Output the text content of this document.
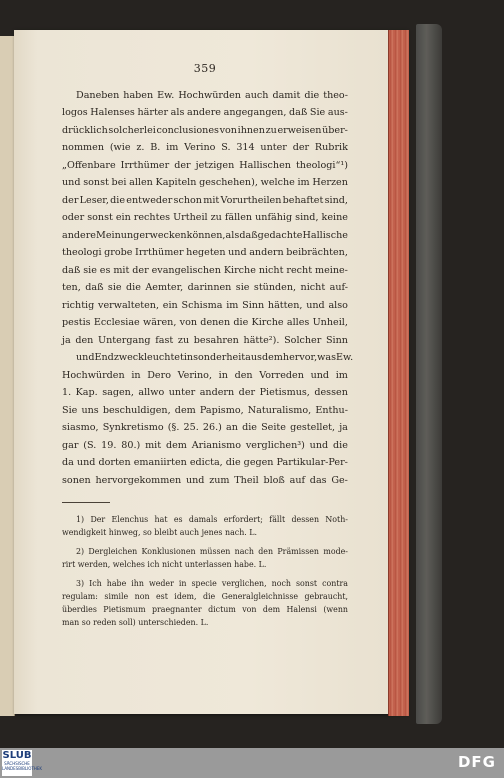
359
Daneben haben Ew. Hochwürden auch damit die theo-
logos Halenses härter als andere angegangen, daß Sie aus-
drücklich solcherlei conclusiones von ihnen zu erweisen über-
nommen (wie z. B. im Verino S. 314 unter der Rubrik
„Offenbare Irrthümer der jetzigen Hallischen theologi“¹)
und sonst bei allen Kapiteln geschehen), welche im Herzen
der Leser, die entweder schon mit Vorurtheilen behaftet sind,
oder sonst ein rechtes Urtheil zu fällen unfähig sind, keine
andere Meinung erwecken können, als daß gedachte Hallische
theologi grobe Irrthümer hegeten und andern beibrächten,
daß sie es mit der evangelischen Kirche nicht recht meine-
ten, daß sie die Aemter, darinnen sie stünden, nicht auf-
richtig verwalteten, ein Schisma im Sinn hätten, und also
pestis Ecclesiae wären, von denen die Kirche alles Unheil,
ja den Untergang fast zu besahren hätte²). Solcher Sinn
und Endzweck leuchtet insonderheit aus dem hervor, was Ew.
Hochwürden in Dero Verino, in den Vorreden und im
1. Kap. sagen, allwo unter andern der Pietismus, dessen
Sie uns beschuldigen, dem Papismo, Naturalismo, Enthu-
siasmo, Synkretismo (§. 25. 26.) an die Seite gestellet, ja
gar (S. 19. 80.) mit dem Arianismo verglichen³) und die
da und dorten emaniirten edicta, die gegen Partikular-Per-
sonen hervorgekommen und zum Theil bloß auf das Ge-
1) Der Elenchus hat es damals erfordert; fällt dessen Noth-
wendigkeit hinweg, so bleibt auch jenes nach. L.
2) Dergleichen Konklusionen müssen nach den Prämissen mode-
rirt werden, welches ich nicht unterlassen habe. L.
3) Ich habe ihn weder in specie verglichen, noch sonst contra
regulam: simile non est idem, die Generalgleichnisse gebraucht,
überdies Pietismum praegnanter dictum von dem Halensi (wenn
man so reden soll) unterschieden. L.
SLUB
SÄCHSISCHE LANDESBIBLIOTHEK	DFG
